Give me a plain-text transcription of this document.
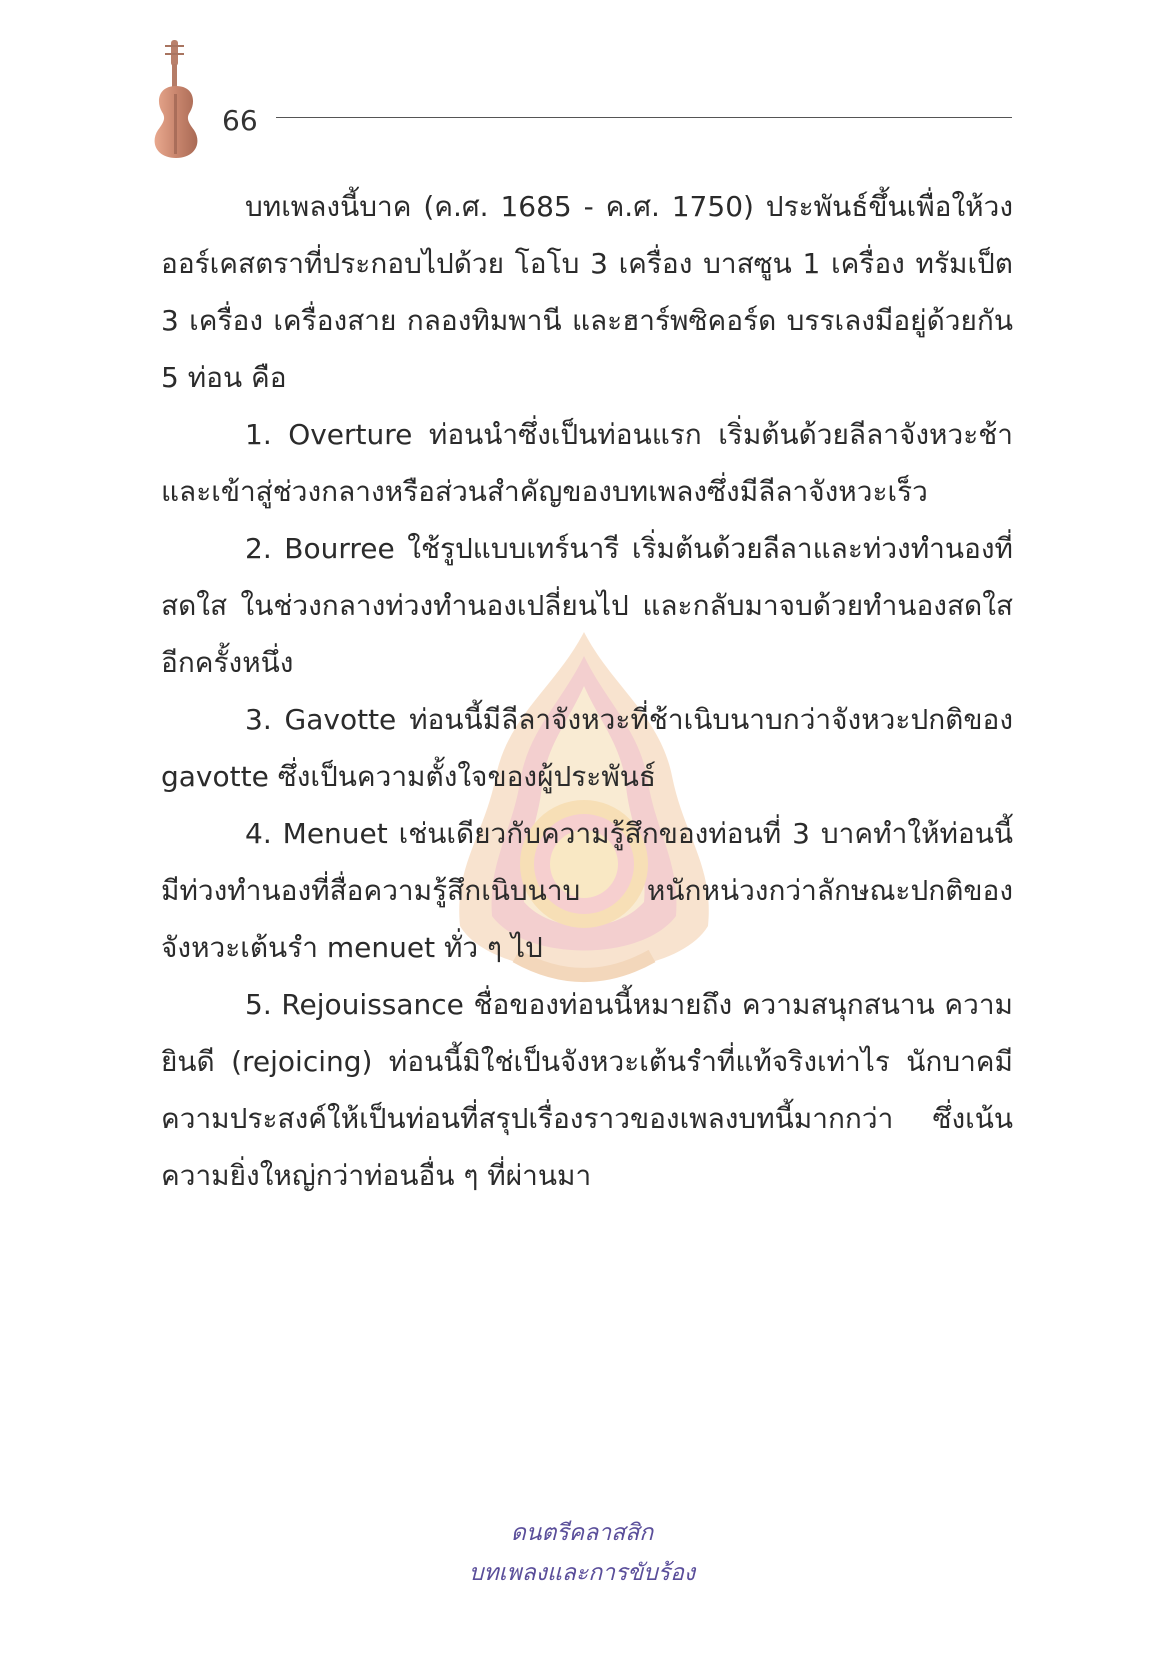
66

บทเพลงนี้บาค (ค.ศ. 1685 - ค.ศ. 1750) ประพันธ์ขึ้นเพื่อให้วงออร์เคสตราที่ประกอบไปด้วย โอโบ 3 เครื่อง บาสซูน 1 เครื่อง ทรัมเป็ต 3 เครื่อง เครื่องสาย กลองทิมพานี และฮาร์พซิคอร์ด บรรเลงมีอยู่ด้วยกัน 5 ท่อน คือ

1. Overture ท่อนนำซึ่งเป็นท่อนแรก เริ่มต้นด้วยลีลาจังหวะช้าและเข้าสู่ช่วงกลางหรือส่วนสำคัญของบทเพลงซึ่งมีลีลาจังหวะเร็ว

2. Bourree ใช้รูปแบบเทร์นารี เริ่มต้นด้วยลีลาและท่วงทำนองที่สดใส ในช่วงกลางท่วงทำนองเปลี่ยนไป และกลับมาจบด้วยทำนองสดใสอีกครั้งหนึ่ง

3. Gavotte ท่อนนี้มีลีลาจังหวะที่ช้าเนิบนาบกว่าจังหวะปกติของ gavotte ซึ่งเป็นความตั้งใจของผู้ประพันธ์

4. Menuet เช่นเดียวกับความรู้สึกของท่อนที่ 3 บาคทำให้ท่อนนี้มีท่วงทำนองที่สื่อความรู้สึกเนิบนาบ หนักหน่วงกว่าลักษณะปกติของจังหวะเต้นรำ menuet ทั่ว ๆ ไป

5. Rejouissance ชื่อของท่อนนี้หมายถึง ความสนุกสนาน ความยินดี (rejoicing) ท่อนนี้มิใช่เป็นจังหวะเต้นรำที่แท้จริงเท่าไร นักบาคมีความประสงค์ให้เป็นท่อนที่สรุปเรื่องราวของเพลงบทนี้มากกว่า ซึ่งเน้นความยิ่งใหญ่กว่าท่อนอื่น ๆ ที่ผ่านมา

ดนตรีคลาสสิก
บทเพลงและการขับร้อง
